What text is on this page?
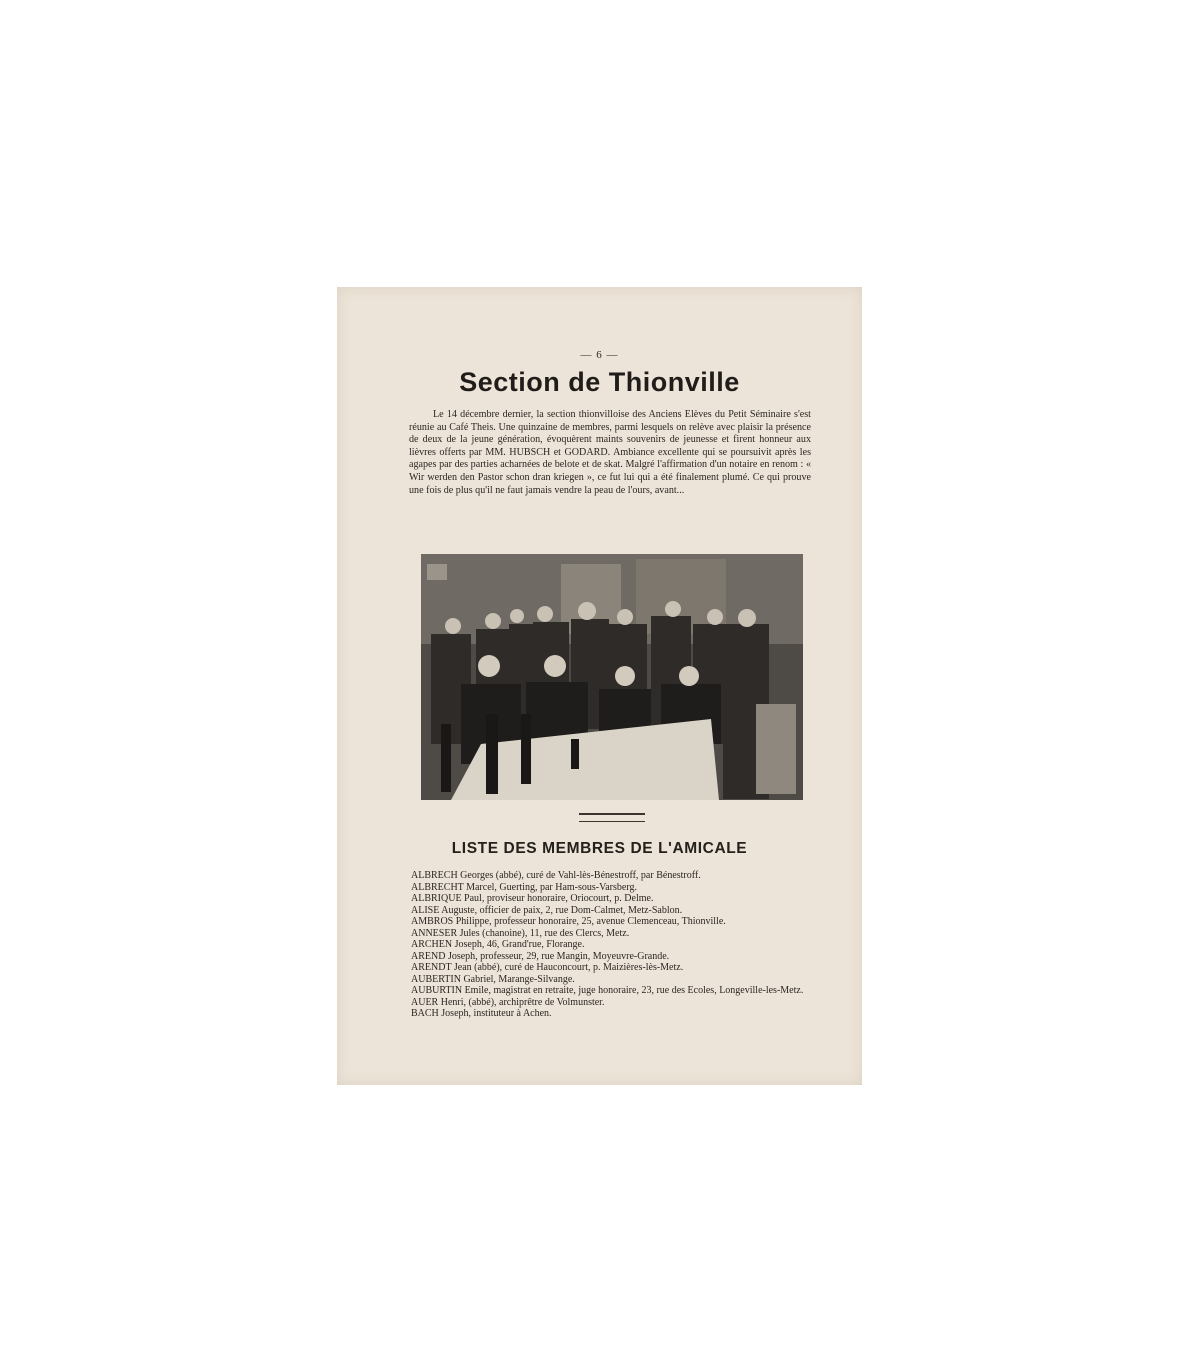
— 6 —
Section de Thionville

Le 14 décembre dernier, la section thionvilloise des Anciens Elèves du Petit Séminaire s'est réunie au Café Theis. Une quinzaine de membres, parmi lesquels on relève avec plaisir la présence de deux de la jeune génération, évoquèrent maints souvenirs de jeunesse et firent honneur aux lièvres offerts par MM. HUBSCH et GODARD. Ambiance excellente qui se poursuivit après les agapes par des parties acharnées de belote et de skat. Malgré l'affirmation d'un notaire en renom : « Wir werden den Pastor schon dran kriegen », ce fut lui qui a été finalement plumé. Ce qui prouve une fois de plus qu'il ne faut jamais vendre la peau de l'ours, avant...

LISTE DES MEMBRES DE L'AMICALE
ALBRECH Georges (abbé), curé de Vahl-lès-Bénestroff, par Bénestroff.
ALBRECHT Marcel, Guerting, par Ham-sous-Varsberg.
ALBRIQUE Paul, proviseur honoraire, Oriocourt, p. Delme.
ALISE Auguste, officier de paix, 2, rue Dom-Calmet, Metz-Sablon.
AMBROS Philippe, professeur honoraire, 25, avenue Clemenceau, Thionville.
ANNESER Jules (chanoine), 11, rue des Clercs, Metz.
ARCHEN Joseph, 46, Grand'rue, Florange.
AREND Joseph, professeur, 29, rue Mangin, Moyeuvre-Grande.
ARENDT Jean (abbé), curé de Hauconcourt, p. Maizières-lès-Metz.
AUBERTIN Gabriel, Marange-Silvange.
AUBURTIN Emile, magistrat en retraite, juge honoraire, 23, rue des Ecoles, Longeville-les-Metz.
AUER Henri, (abbé), archiprêtre de Volmunster.
BACH Joseph, instituteur à Achen.
